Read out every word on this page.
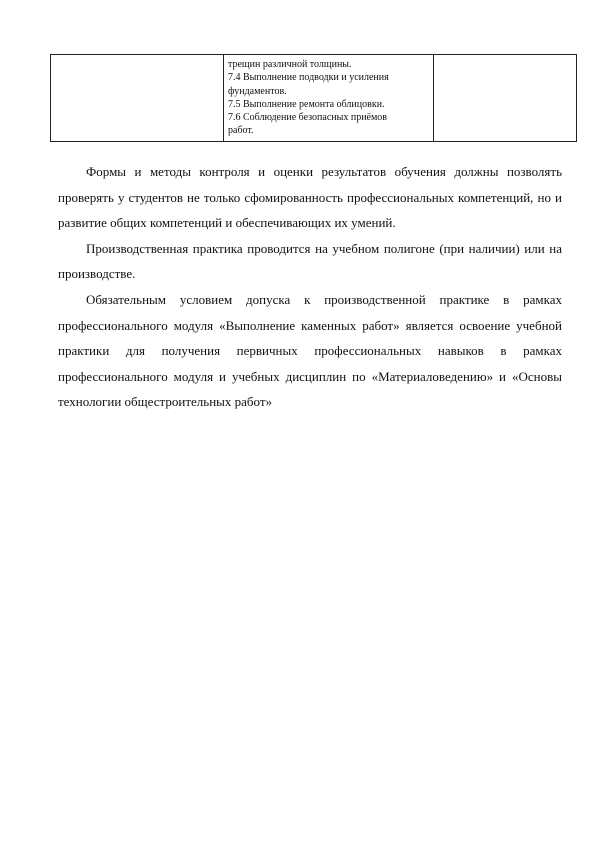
трещин различной толщины.
7.4 Выполнение подводки и усиления
фундаментов.
7.5 Выполнение ремонта облицовки.
7.6 Соблюдение безопасных приёмов
работ.

Формы и методы контроля и оценки результатов обучения должны позволять проверять у студентов не только сфомированность профессиональных компетенций, но и развитие общих компетенций и обеспечивающих их умений.

Производственная практика проводится на учебном полигоне (при наличии) или на производстве.

Обязательным условием допуска к производственной практике в рамках профессионального модуля «Выполнение каменных работ» является освоение учебной практики для получения первичных профессиональных навыков в рамках профессионального модуля и учебных дисциплин по «Материаловедению» и «Основы технологии общестроительных работ»
